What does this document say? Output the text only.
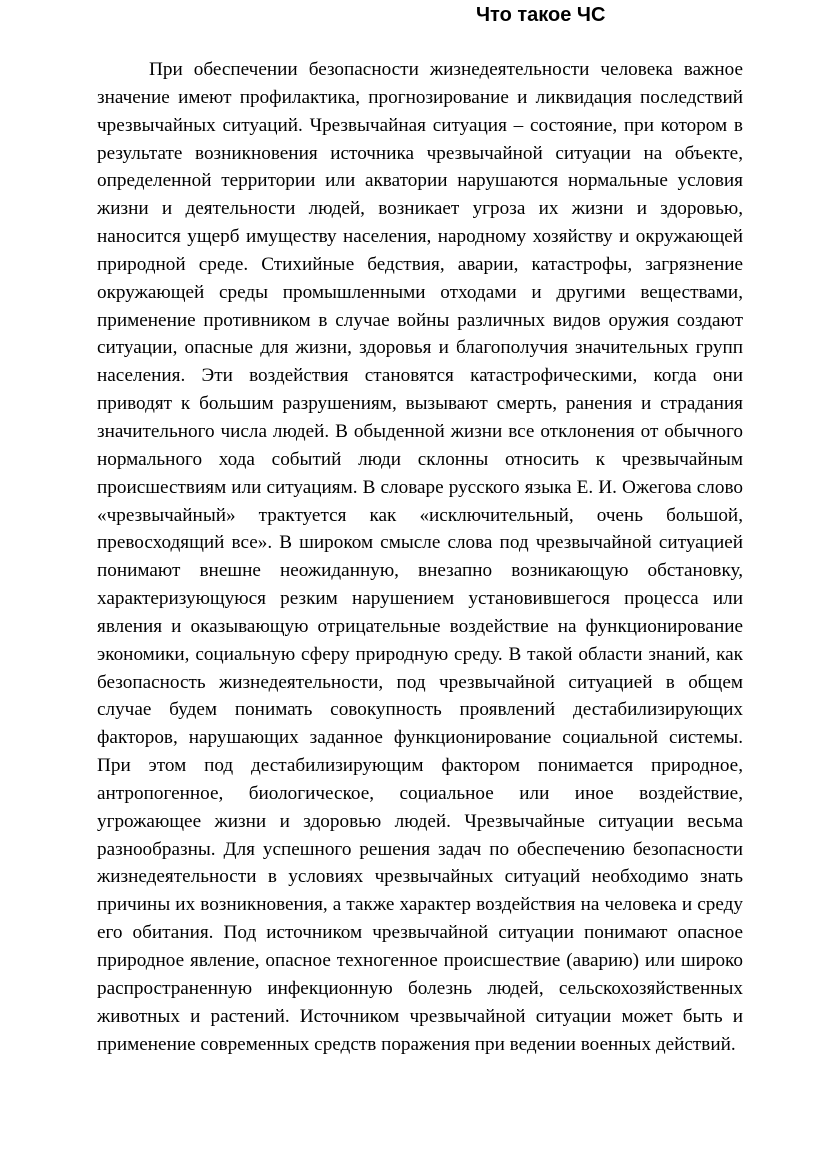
Что такое ЧС

При обеспечении безопасности жизнедеятельности человека важное значение имеют профилактика, прогнозирование и ликвидация последствий чрезвычайных ситуаций. Чрезвычайная ситуация – состояние, при котором в результате возникновения источника чрезвычайной ситуации на объекте, определенной территории или акватории нарушаются нормальные условия жизни и деятельности людей, возникает угроза их жизни и здоровью, наносится ущерб имуществу населения, народному хозяйству и окружающей природной среде. Стихийные бедствия, аварии, катастрофы, загрязнение окружающей среды промышленными отходами и другими веществами, применение противником в случае войны различных видов оружия создают ситуации, опасные для жизни, здоровья и благополучия значительных групп населения. Эти воздействия становятся катастрофическими, когда они приводят к большим разрушениям, вызывают смерть, ранения и страдания значительного числа людей. В обыденной жизни все отклонения от обычного нормального хода событий люди склонны относить к чрезвычайным происшествиям или ситуациям. В словаре русского языка Е. И. Ожегова слово «чрезвычайный» трактуется как «исключительный, очень большой, превосходящий все». В широком смысле слова под чрезвычайной ситуацией понимают внешне неожиданную, внезапно возникающую обстановку, характеризующуюся резким нарушением установившегося процесса или явления и оказывающую отрицательные воздействие на функционирование экономики, социальную сферу природную среду. В такой области знаний, как безопасность жизнедеятельности, под чрезвычайной ситуацией в общем случае будем понимать совокупность проявлений дестабилизирующих факторов, нарушающих заданное функционирование социальной системы. При этом под дестабилизирующим фактором понимается природное, антропогенное, биологическое, социальное или иное воздействие, угрожающее жизни и здоровью людей. Чрезвычайные ситуации весьма разнообразны. Для успешного решения задач по обеспечению безопасности жизнедеятельности в условиях чрезвычайных ситуаций необходимо знать причины их возникновения, а также характер воздействия на человека и среду его обитания. Под источником чрезвычайной ситуации понимают опасное природное явление, опасное техногенное происшествие (аварию) или широко распространенную инфекционную болезнь людей, сельскохозяйственных животных и растений. Источником чрезвычайной ситуации может быть и применение современных средств поражения при ведении военных действий.
